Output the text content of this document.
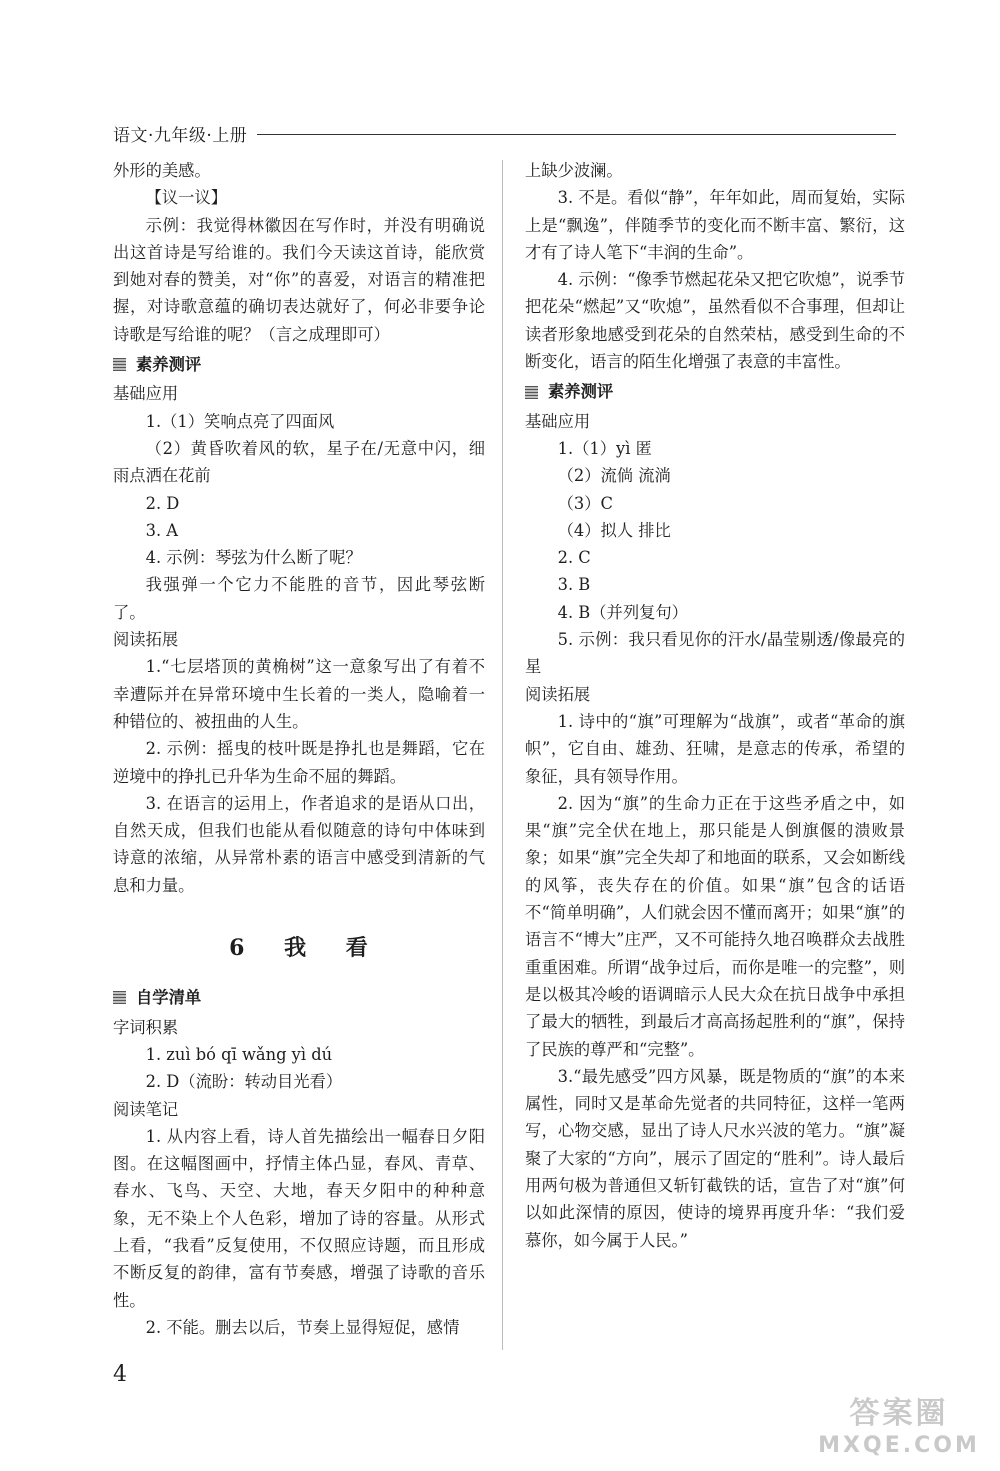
语文·九年级·上册

外形的美感。

【议一议】

示例：我觉得林徽因在写作时，并没有明确说出这首诗是写给谁的。我们今天读这首诗，能欣赏到她对春的赞美，对“你”的喜爱，对语言的精准把握，对诗歌意蕴的确切表达就好了，何必非要争论诗歌是写给谁的呢？（言之成理即可）

素养测评

基础应用

1.（1）笑响点亮了四面风

（2）黄昏吹着风的软，星子在/无意中闪，细雨点洒在花前

2. D

3. A

4. 示例：琴弦为什么断了呢？

我强弹一个它力不能胜的音节，因此琴弦断了。

阅读拓展

1.“七层塔顶的黄桷树”这一意象写出了有着不幸遭际并在异常环境中生长着的一类人，隐喻着一种错位的、被扭曲的人生。

2. 示例：摇曳的枝叶既是挣扎也是舞蹈，它在逆境中的挣扎已升华为生命不屈的舞蹈。

3. 在语言的运用上，作者追求的是语从口出，自然天成，但我们也能从看似随意的诗句中体味到诗意的浓缩，从异常朴素的语言中感受到清新的气息和力量。

6 我 看
自学清单

字词积累

1. zuì bó qī wǎng yì dú

2. D（流盼：转动目光看）

阅读笔记

1. 从内容上看，诗人首先描绘出一幅春日夕阳图。在这幅图画中，抒情主体凸显，春风、青草、春水、飞鸟、天空、大地，春天夕阳中的种种意象，无不染上个人色彩，增加了诗的容量。从形式上看，“我看”反复使用，不仅照应诗题，而且形成不断反复的韵律，富有节奏感，增强了诗歌的音乐性。

2. 不能。删去以后，节奏上显得短促，感情

上缺少波澜。

3. 不是。看似“静”，年年如此，周而复始，实际上是“飘逸”，伴随季节的变化而不断丰富、繁衍，这才有了诗人笔下“丰润的生命”。

4. 示例：“像季节燃起花朵又把它吹熄”，说季节把花朵“燃起”又“吹熄”，虽然看似不合事理，但却让读者形象地感受到花朵的自然荣枯，感受到生命的不断变化，语言的陌生化增强了表意的丰富性。

素养测评

基础应用

1.（1）yì 匿

（2）流倘 流淌

（3）C

（4）拟人 排比

2. C

3. B

4. B（并列复句）

5. 示例：我只看见你的汗水/晶莹剔透/像最亮的星

阅读拓展

1. 诗中的“旗”可理解为“战旗”，或者“革命的旗帜”，它自由、雄劲、狂啸，是意志的传承，希望的象征，具有领导作用。

2. 因为“旗”的生命力正在于这些矛盾之中，如果“旗”完全伏在地上，那只能是人倒旗偃的溃败景象；如果“旗”完全失却了和地面的联系，又会如断线的风筝，丧失存在的价值。如果“旗”包含的话语不“简单明确”，人们就会因不懂而离开；如果“旗”的语言不“博大”庄严，又不可能持久地召唤群众去战胜重重困难。所谓“战争过后，而你是唯一的完整”，则是以极其冷峻的语调暗示人民大众在抗日战争中承担了最大的牺牲，到最后才高高扬起胜利的“旗”，保持了民族的尊严和“完整”。

3.“最先感受”四方风暴，既是物质的“旗”的本来属性，同时又是革命先觉者的共同特征，这样一笔两写，心物交感，显出了诗人尺水兴波的笔力。“旗”凝聚了大家的“方向”，展示了固定的“胜利”。诗人最后用两句极为普通但又斩钉截铁的话，宣告了对“旗”何以如此深情的原因，使诗的境界再度升华：“我们爱慕你，如今属于人民。”

4
答案圈
MXQE.COM
